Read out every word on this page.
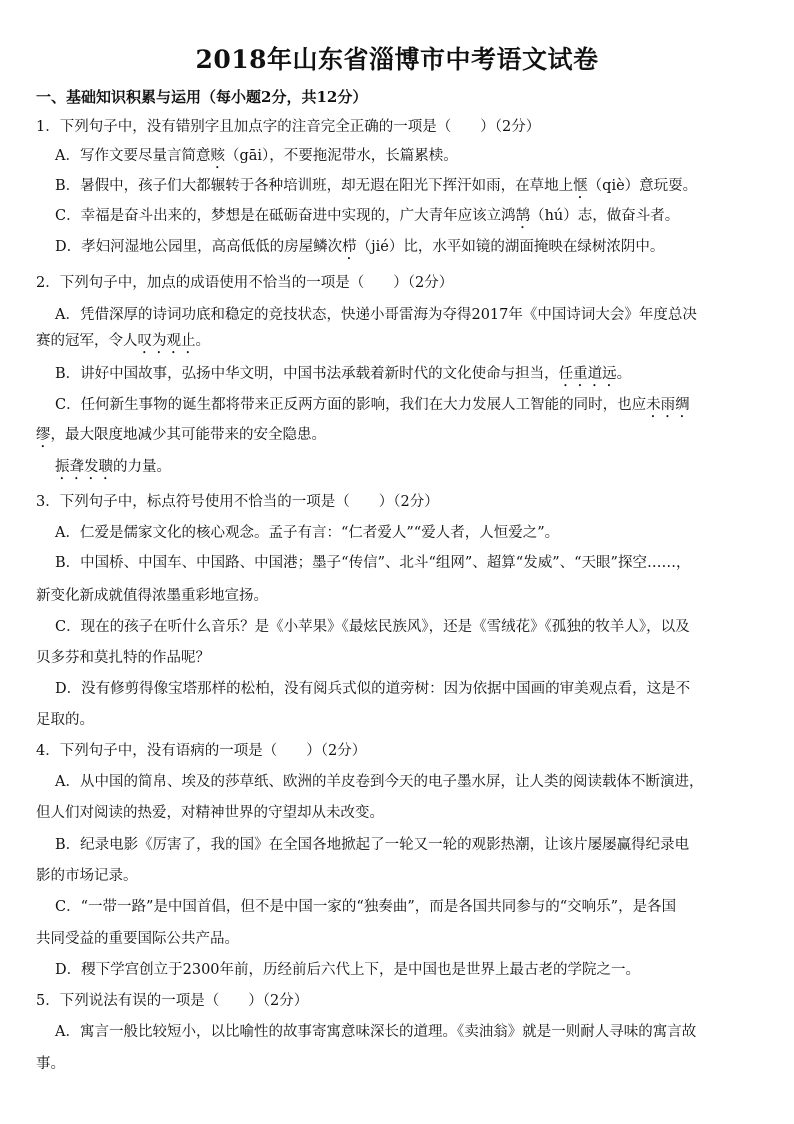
2018年山东省淄博市中考语文试卷
一、基础知识积累与运用（每小题2分，共12分）
1．下列句子中，没有错别字且加点字的注音完全正确的一项是（　　）（2分）
A．写作文要尽量言简意赅（gāi），不要拖泥带水，长篇累椟。
B．暑假中，孩子们大都辗转于各种培训班，却无遐在阳光下挥汗如雨，在草地上惬（qiè）意玩耍。
C．幸福是奋斗出来的，梦想是在砥砺奋进中实现的，广大青年应该立鸿鹄（hú）志，做奋斗者。
D．孝妇河湿地公园里，高高低低的房屋鳞次栉（jié）比，水平如镜的湖面掩映在绿树浓阴中。
2．下列句子中，加点的成语使用不恰当的一项是（　　）（2分）
A．凭借深厚的诗词功底和稳定的竞技状态，快递小哥雷海为夺得2017年《中国诗词大会》年度总决
赛的冠军，令人叹为观止。
B．讲好中国故事，弘扬中华文明，中国书法承载着新时代的文化使命与担当，任重道远。
C．任何新生事物的诞生都将带来正反两方面的影响，我们在大力发展人工智能的同时，也应未雨绸
缪，最大限度地减少其可能带来的安全隐患。
振聋发聩的力量。
3．下列句子中，标点符号使用不恰当的一项是（　　）（2分）
A．仁爱是儒家文化的核心观念。孟子有言：“仁者爱人”“爱人者，人恒爱之”。
B．中国桥、中国车、中国路、中国港；墨子“传信”、北斗“组网”、超算“发威”、“天眼”探空……，
新变化新成就值得浓墨重彩地宣扬。
C．现在的孩子在听什么音乐？是《小苹果》《最炫民族风》，还是《雪绒花》《孤独的牧羊人》，以及
贝多芬和莫扎特的作品呢？
D．没有修剪得像宝塔那样的松柏，没有阅兵式似的道旁树：因为依据中国画的审美观点看，这是不
足取的。
4．下列句子中，没有语病的一项是（　　）（2分）
A．从中国的简帛、埃及的莎草纸、欧洲的羊皮卷到今天的电子墨水屏，让人类的阅读载体不断演进，
但人们对阅读的热爱，对精神世界的守望却从未改变。
B．纪录电影《厉害了，我的国》在全国各地掀起了一轮又一轮的观影热潮，让该片屡屡赢得纪录电
影的市场记录。
C．“一带一路”是中国首倡，但不是中国一家的“独奏曲”，而是各国共同参与的“交响乐”，是各国
共同受益的重要国际公共产品。
D．稷下学宫创立于2300年前，历经前后六代上下，是中国也是世界上最古老的学院之一。
5．下列说法有误的一项是（　　）（2分）
A．寓言一般比较短小，以比喻性的故事寄寓意味深长的道理。《卖油翁》就是一则耐人寻味的寓言故
事。
